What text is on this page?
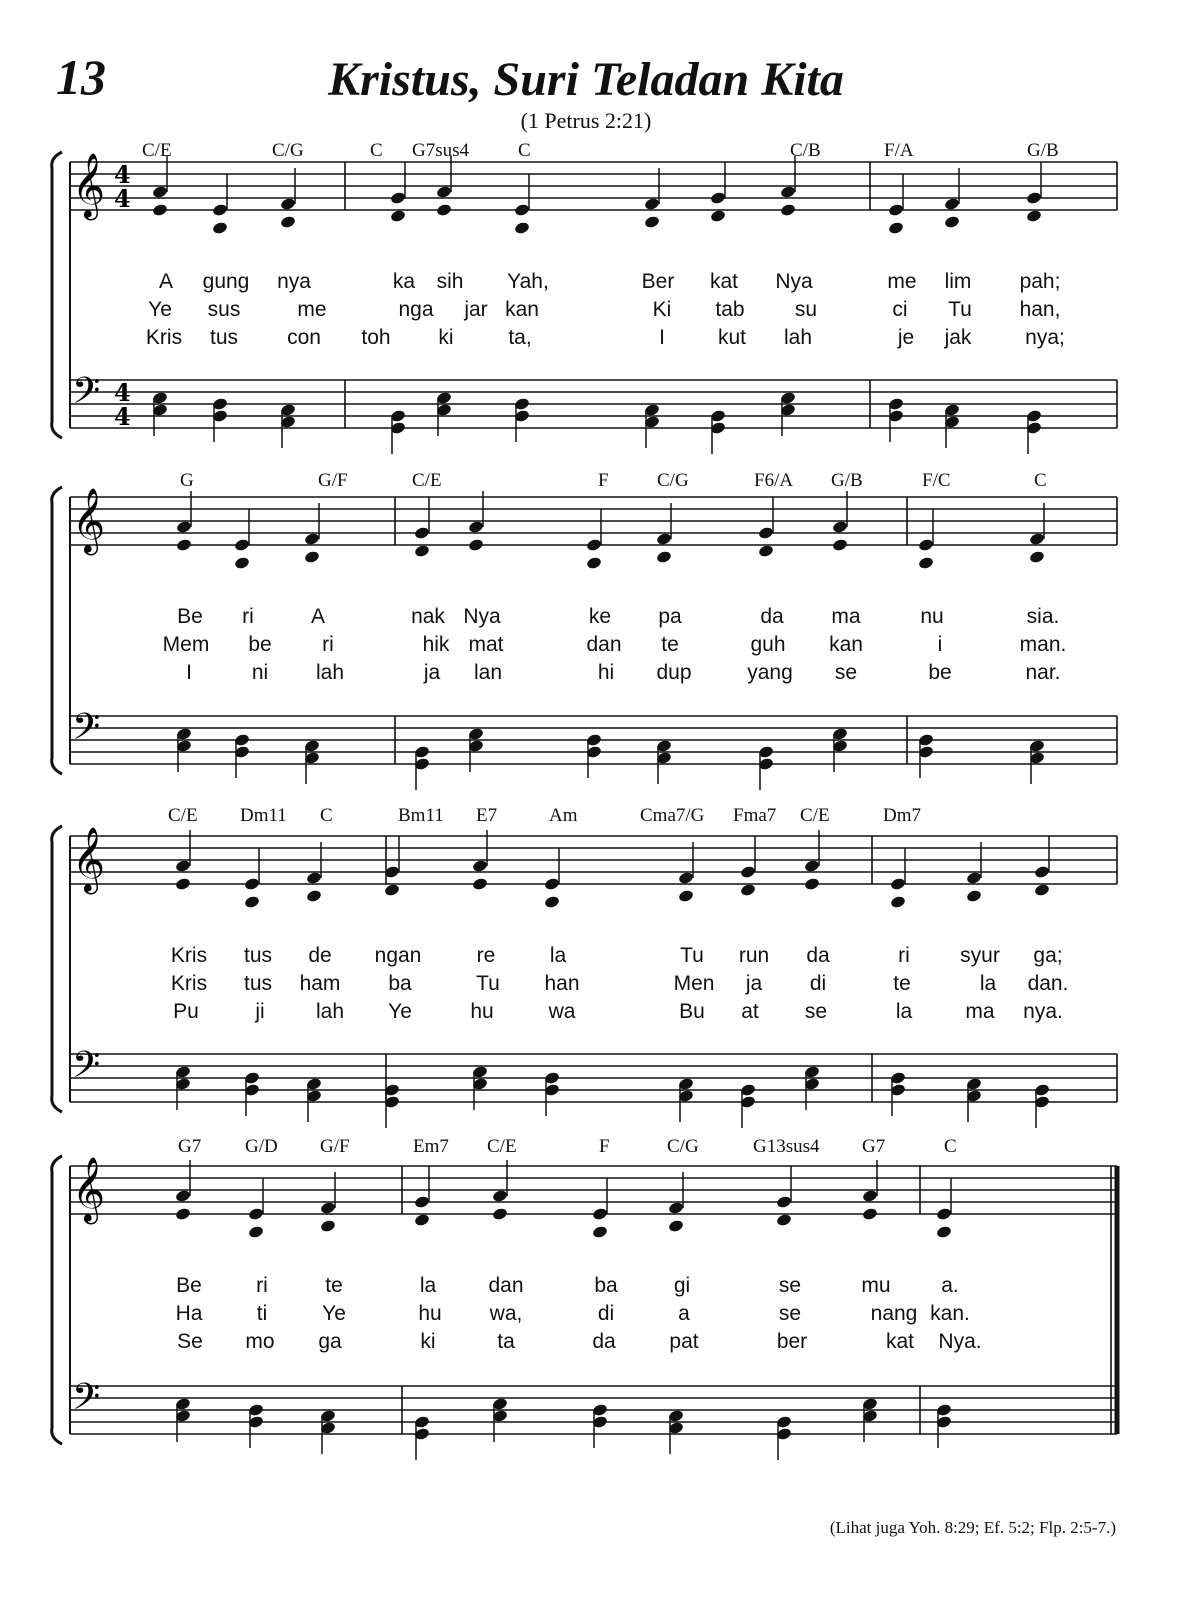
13	Kristus, Suri Teladan Kita
(1 Petrus 2:21)
C/E	C/G	C G7sus4	C	C/B	F/A	G/B
A gung nya	ka sih Yah,	Ber kat Nya	me lim pah;
Ye sus	me	nga jar kan	Ki tab su	ci Tu han,
Kris tus con toh ki	ta,	I	kut lah	je jak	nya;
G	G/F	C/E	F	C/G	F6/A G/B	F/C	C
Be ri	A	nak Nya	ke pa	da ma	nu	sia.
Mem be ri	hik mat	dan te	guh kan	i	man.
I	ni lah	ja lan	hi dup	yang se	be	nar.
C/E Dm11 C	Bm11 E7	Am	Cma7/G Fma7 C/E	Dm7
Kris tus de ngan	re	la	Tu run da	ri syur ga;
Kris tus ham ba	Tu han	Men ja di	te	la dan.
Pu	ji lah Ye	hu	wa	Bu at se	la	ma nya.
G7 G/D G/F	Em7 C/E	F	C/G	G13sus4 G7	C
Be	ri	te	la dan	ba	gi	se	mu a.
Ha	ti	Ye	hu wa,	di	a	se	nang kan.
Se mo ga	ki	ta	da	pat	ber	kat Nya.
(Lihat juga Yoh. 8:29; Ef. 5:2; Flp. 2:5-7.)
𝄞 4
4
𝄢 4
4
𝄞
𝄢
𝄞
𝄢
𝄞
𝄢
